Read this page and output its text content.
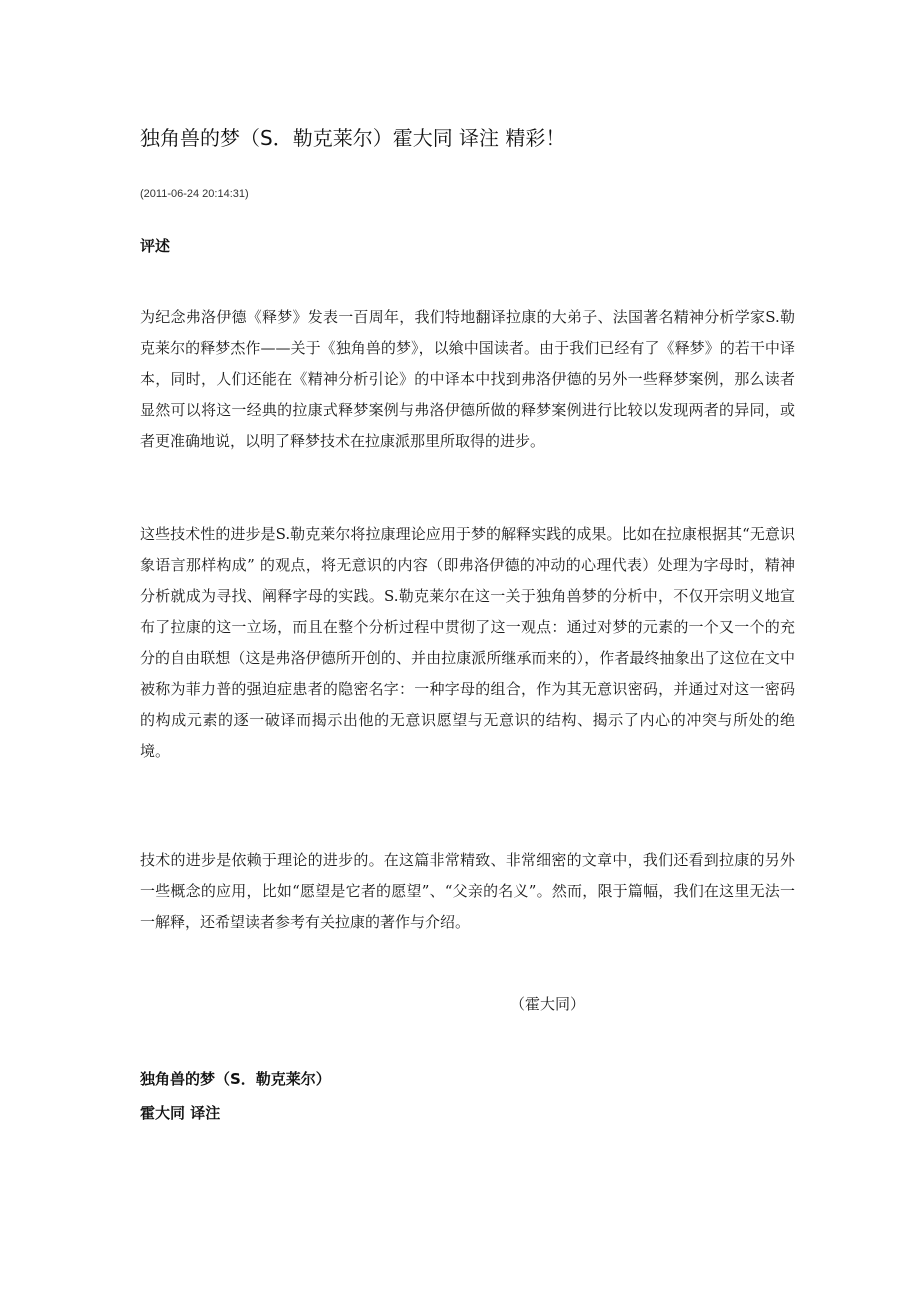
独角兽的梦（S．勒克莱尔）霍大同 译注 精彩！
(2011-06-24 20:14:31)
评述
为纪念弗洛伊德《释梦》发表一百周年，我们特地翻译拉康的大弟子、法国著名精神分析学家S.勒克莱尔的释梦杰作——关于《独角兽的梦》，以飨中国读者。由于我们已经有了《释梦》的若干中译本，同时，人们还能在《精神分析引论》的中译本中找到弗洛伊德的另外一些释梦案例，那么读者显然可以将这一经典的拉康式释梦案例与弗洛伊德所做的释梦案例进行比较以发现两者的异同，或者更准确地说，以明了释梦技术在拉康派那里所取得的进步。
这些技术性的进步是S.勒克莱尔将拉康理论应用于梦的解释实践的成果。比如在拉康根据其“无意识象语言那样构成” 的观点，将无意识的内容（即弗洛伊德的冲动的心理代表）处理为字母时，精神分析就成为寻找、阐释字母的实践。S.勒克莱尔在这一关于独角兽梦的分析中，不仅开宗明义地宣布了拉康的这一立场，而且在整个分析过程中贯彻了这一观点：通过对梦的元素的一个又一个的充分的自由联想（这是弗洛伊德所开创的、并由拉康派所继承而来的），作者最终抽象出了这位在文中被称为菲力普的强迫症患者的隐密名字：一种字母的组合，作为其无意识密码，并通过对这一密码的构成元素的逐一破译而揭示出他的无意识愿望与无意识的结构、揭示了内心的冲突与所处的绝境。
技术的进步是依赖于理论的进步的。在这篇非常精致、非常细密的文章中，我们还看到拉康的另外一些概念的应用，比如“愿望是它者的愿望”、“父亲的名义”。然而，限于篇幅，我们在这里无法一一解释，还希望读者参考有关拉康的著作与介绍。
（霍大同）
独角兽的梦（S．勒克莱尔）
霍大同 译注
